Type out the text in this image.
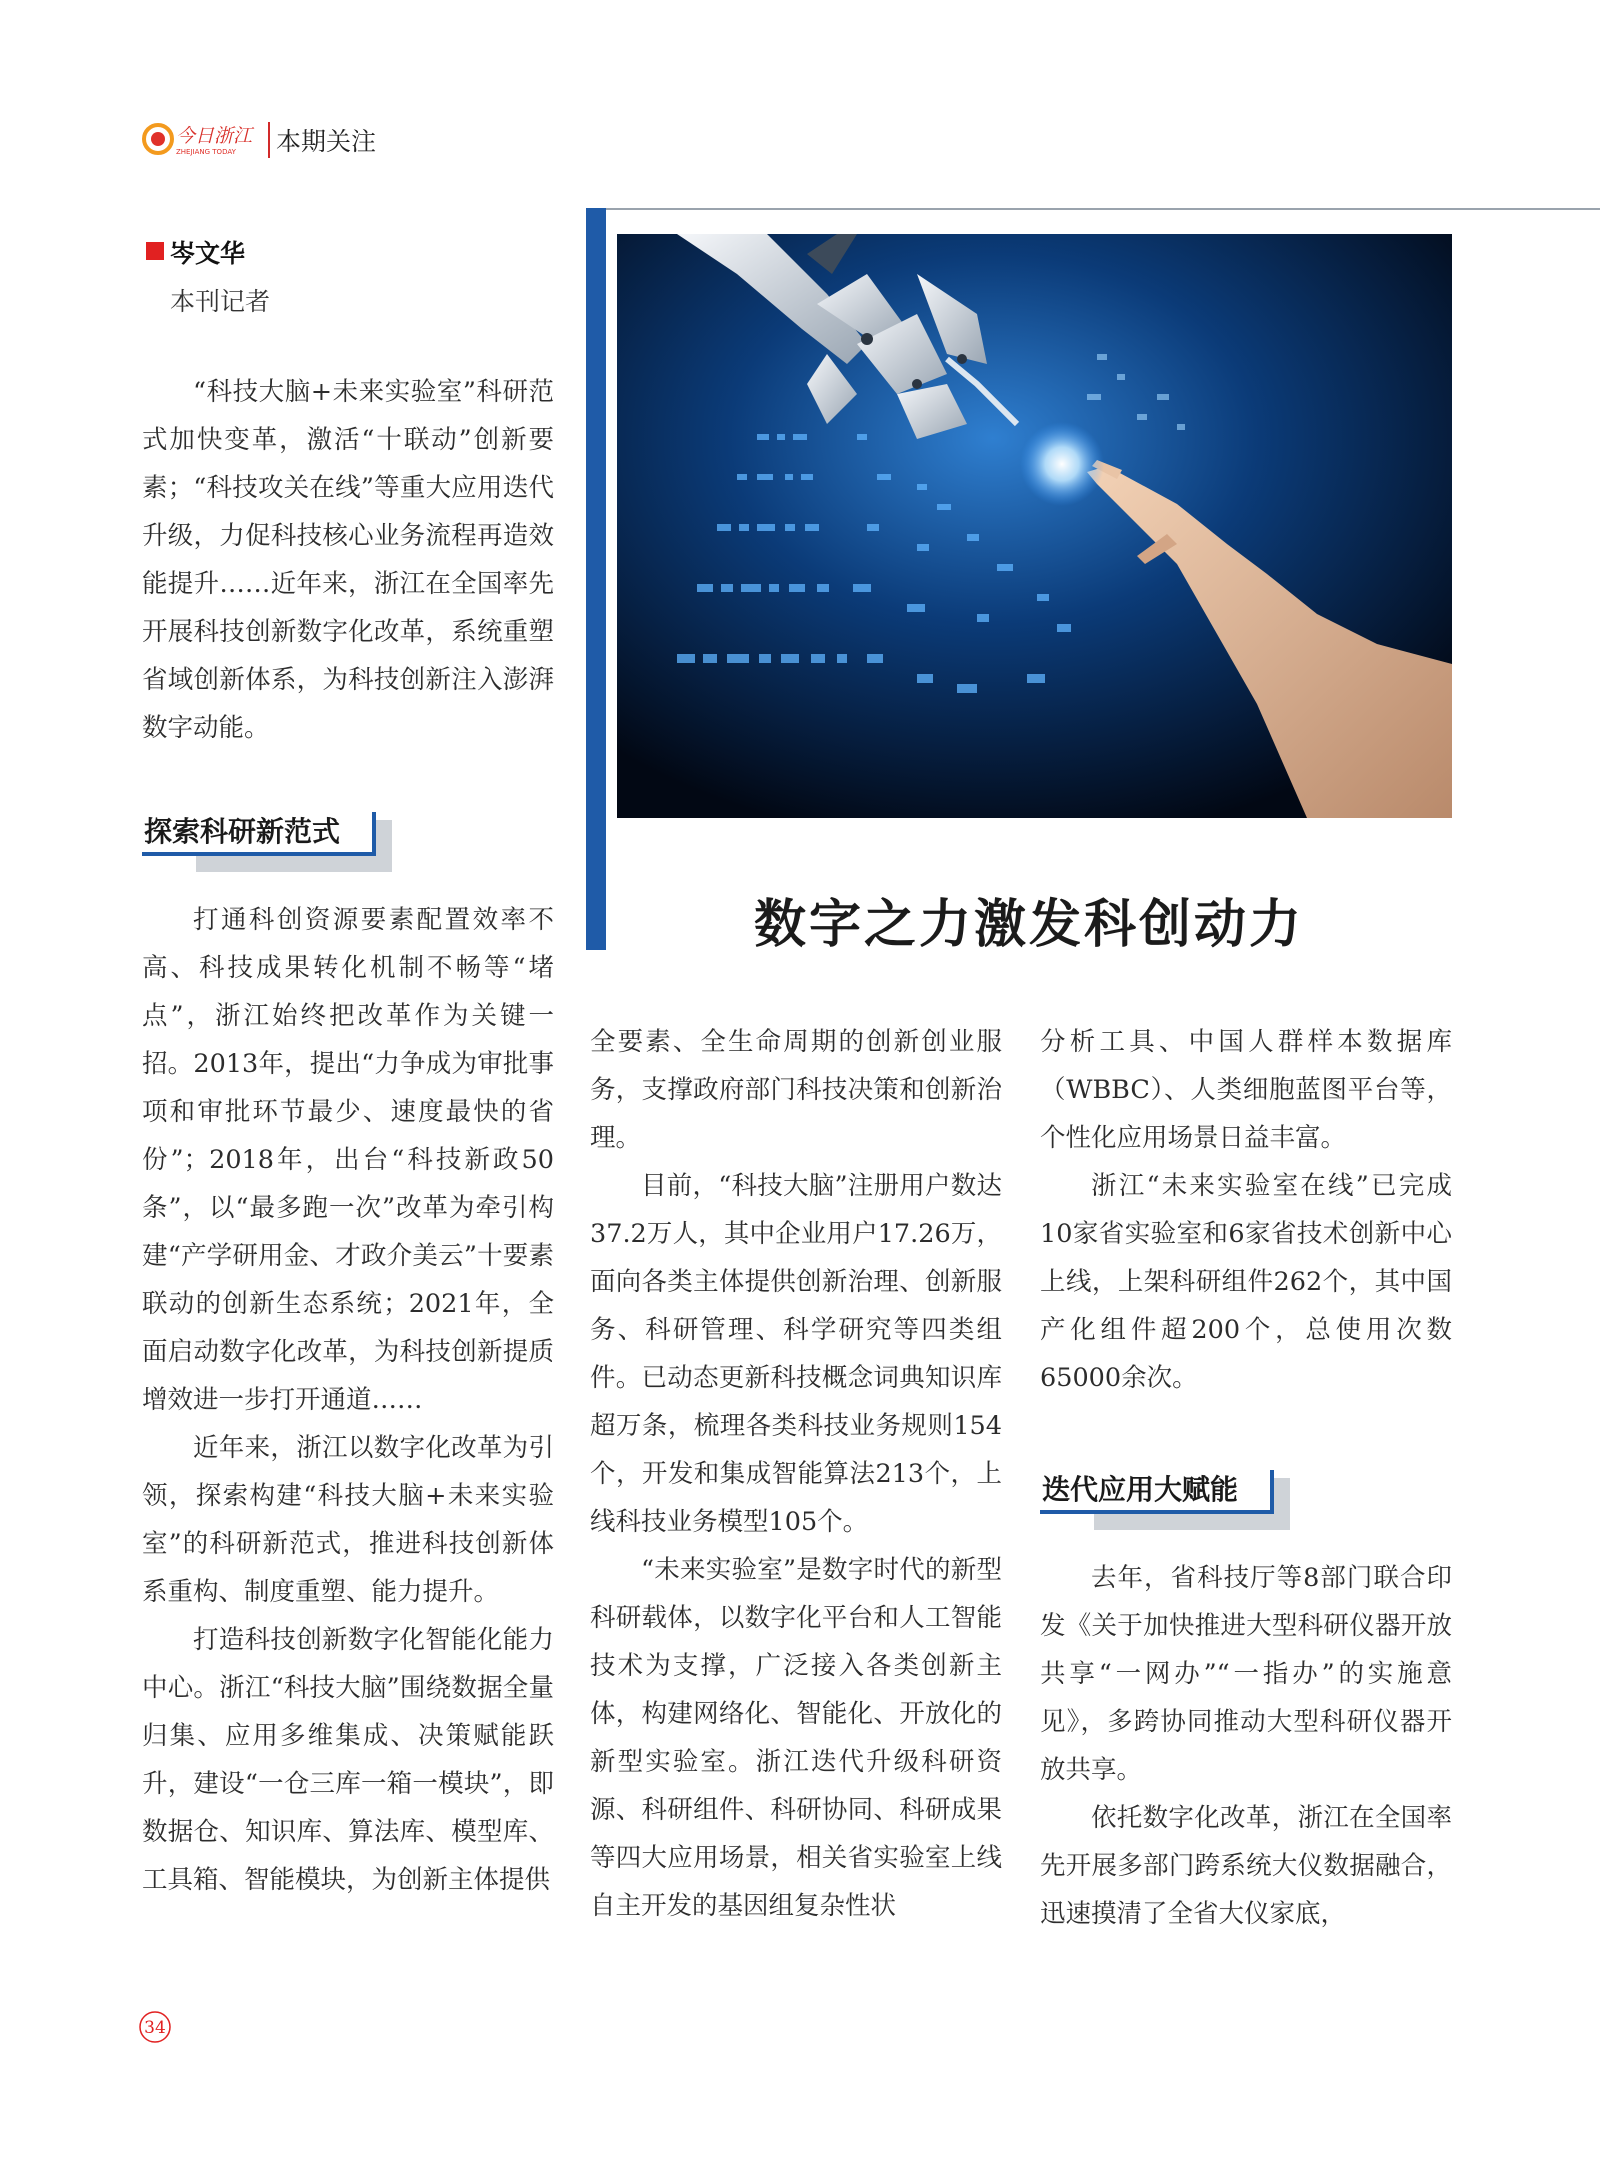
今日浙江
ZHEJIANG TODAY 本期关注
数字之力激发科创动力
岑文华
本刊记者

“科技大脑+未来实验室”科研范式加快变革，激活“十联动”创新要素；“科技攻关在线”等重大应用迭代升级，力促科技核心业务流程再造效能提升……近年来，浙江在全国率先开展科技创新数字化改革，系统重塑省域创新体系，为科技创新注入澎湃数字动能。

探索科研新范式

打通科创资源要素配置效率不高、科技成果转化机制不畅等“堵点”，浙江始终把改革作为关键一招。2013年，提出“力争成为审批事项和审批环节最少、速度最快的省份”；2018年，出台“科技新政50条”，以“最多跑一次”改革为牵引构建“产学研用金、才政介美云”十要素联动的创新生态系统；2021年，全面启动数字化改革，为科技创新提质增效进一步打开通道……

近年来，浙江以数字化改革为引领，探索构建“科技大脑+未来实验室”的科研新范式，推进科技创新体系重构、制度重塑、能力提升。

打造科技创新数字化智能化能力中心。浙江“科技大脑”围绕数据全量归集、应用多维集成、决策赋能跃升，建设“一仓三库一箱一模块”，即数据仓、知识库、算法库、模型库、工具箱、智能模块，为创新主体提供

全要素、全生命周期的创新创业服务，支撑政府部门科技决策和创新治理。

目前，“科技大脑”注册用户数达37.2万人，其中企业用户17.26万，面向各类主体提供创新治理、创新服务、科研管理、科学研究等四类组件。已动态更新科技概念词典知识库超万条，梳理各类科技业务规则154个，开发和集成智能算法213个，上线科技业务模型105个。

“未来实验室”是数字时代的新型科研载体，以数字化平台和人工智能技术为支撑，广泛接入各类创新主体，构建网络化、智能化、开放化的新型实验室。浙江迭代升级科研资源、科研组件、科研协同、科研成果等四大应用场景，相关省实验室上线自主开发的基因组复杂性状

分析工具、中国人群样本数据库（WBBC）、人类细胞蓝图平台等，个性化应用场景日益丰富。

浙江“未来实验室在线”已完成10家省实验室和6家省技术创新中心上线，上架科研组件262个，其中国产化组件超200个，总使用次数65000余次。

迭代应用大赋能

去年，省科技厅等8部门联合印发《关于加快推进大型科研仪器开放共享“一网办”“一指办”的实施意见》，多跨协同推动大型科研仪器开放共享。

依托数字化改革，浙江在全国率先开展多部门跨系统大仪数据融合，迅速摸清了全省大仪家底，

34
